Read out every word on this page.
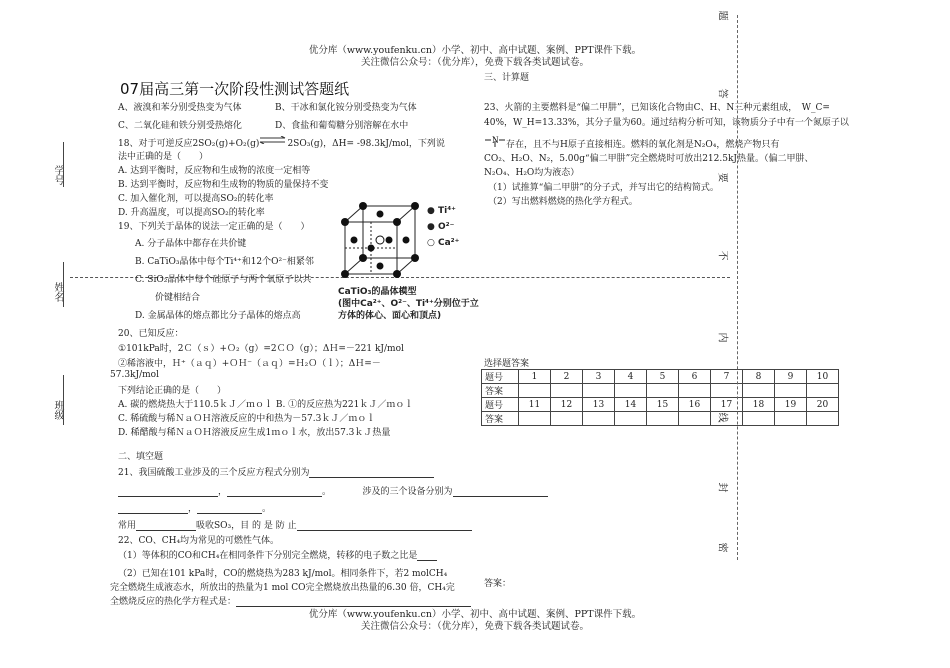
优分库（www.youfenku.cn）小学、初中、高中试题、案例、PPT课件下载。
关注微信公众号：（优分库），免费下载各类试题试卷。
07届高三第一次阶段性测试答题纸
学号
姓名
班级
A、液溴和苯分别受热变为气体	B、干冰和氯化铵分别受热变为气体
C、二氧化硅和铁分别受热熔化	D、食盐和葡萄糖分别溶解在水中
18、对于可逆反应2SO₂(g)+O₂(g)⇌2SO₃(g)，ΔH= -98.3kJ/mol，下列说
法中正确的是（　　）
A. 达到平衡时，反应物和生成物的浓度一定相等
B. 达到平衡时，反应物和生成物的物质的量保持不变
C. 加入催化剂，可以提高SO₂的转化率
D. 升高温度，可以提高SO₂的转化率
19、下列关于晶体的说法一定正确的是（　　）
A. 分子晶体中都存在共价键
B. CaTiO₃晶体中每个Ti⁴⁺和12个O²⁻相紧邻
C. SiO₂晶体中每个硅原子与两个氧原子以共
价键相结合
D. 金属晶体的熔点都比分子晶体的熔点高
● Ti⁴⁺
● O²⁻
○ Ca²⁺
CaTiO₃的晶体模型
(图中Ca²⁺、O²⁻、Ti⁴⁺分别位于立
方体的体心、面心和顶点)
20、已知反应：
①101kPa时，2Ｃ（ｓ）+Ｏ₂（g）=2ＣＯ（g）；ΔＨ=－221 kJ/mol
②稀溶液中，Ｈ⁺（ａｑ）+ＯＨ⁻（ａｑ）=Ｈ₂Ｏ（ｌ）；ΔＨ=－
57.3kJ/mol
下列结论正确的是（　　）
A. 碳的燃烧热大于110.5ｋＪ／ｍｏｌ B. ①的反应热为221ｋＪ／ｍｏｌ
C. 稀硫酸与稀ＮａＯＨ溶液反应的中和热为－57.3ｋＪ／ｍｏｌ
D. 稀醋酸与稀ＮａＯＨ溶液反应生成1ｍｏｌ水，放出57.3ｋＪ热量
二、填空题
21、我国硫酸工业涉及的三个反应方程式分别为
，	。           涉及的三个设备分别为
，	。
常用	吸收SO₃，目 的 是 防 止
22、CO、CH₄均为常见的可燃性气体。
（1）等体积的CO和CH₄在相同条件下分别完全燃烧，转移的电子数之比是
（2）已知在101 kPa时，CO的燃烧热为283 kJ/mol。相同条件下，若2 molCH₄
完全燃烧生成液态水，所放出的热量为1 mol CO完全燃烧放出热量的6.30 倍，CH₄完
全燃烧反应的热化学方程式是：
三、计算题
23、火箭的主要燃料是“偏二甲肼”，已知该化合物由C、H、N三种元素组成，　W_C=
40%，W_H=13.33%，其分子量为60。通过结构分析可知，该物质分子中有一个氮原子以
N 存在，且不与H原子直接相连。燃料的氧化剂是N₂O₄，燃烧产物只有
CO₂、H₂O、N₂，5.00g“偏二甲肼”完全燃烧时可放出212.5kJ热量。（偏二甲肼、
N₂O₄、H₂O均为液态）
（1）试推算“偏二甲肼”的分子式，并写出它的结构简式。
（2）写出燃料燃烧的热化学方程式。
选择题答案
题号	1	2	3	4	5	6	7	8	9	10
答案										
题号	11	12	13	14	15	16	17	18	19	20
答案										
答案：
题
答
要
不
内
线
封
密
优分库（www.youfenku.cn）小学、初中、高中试题、案例、PPT课件下载。
关注微信公众号：（优分库），免费下载各类试题试卷。
